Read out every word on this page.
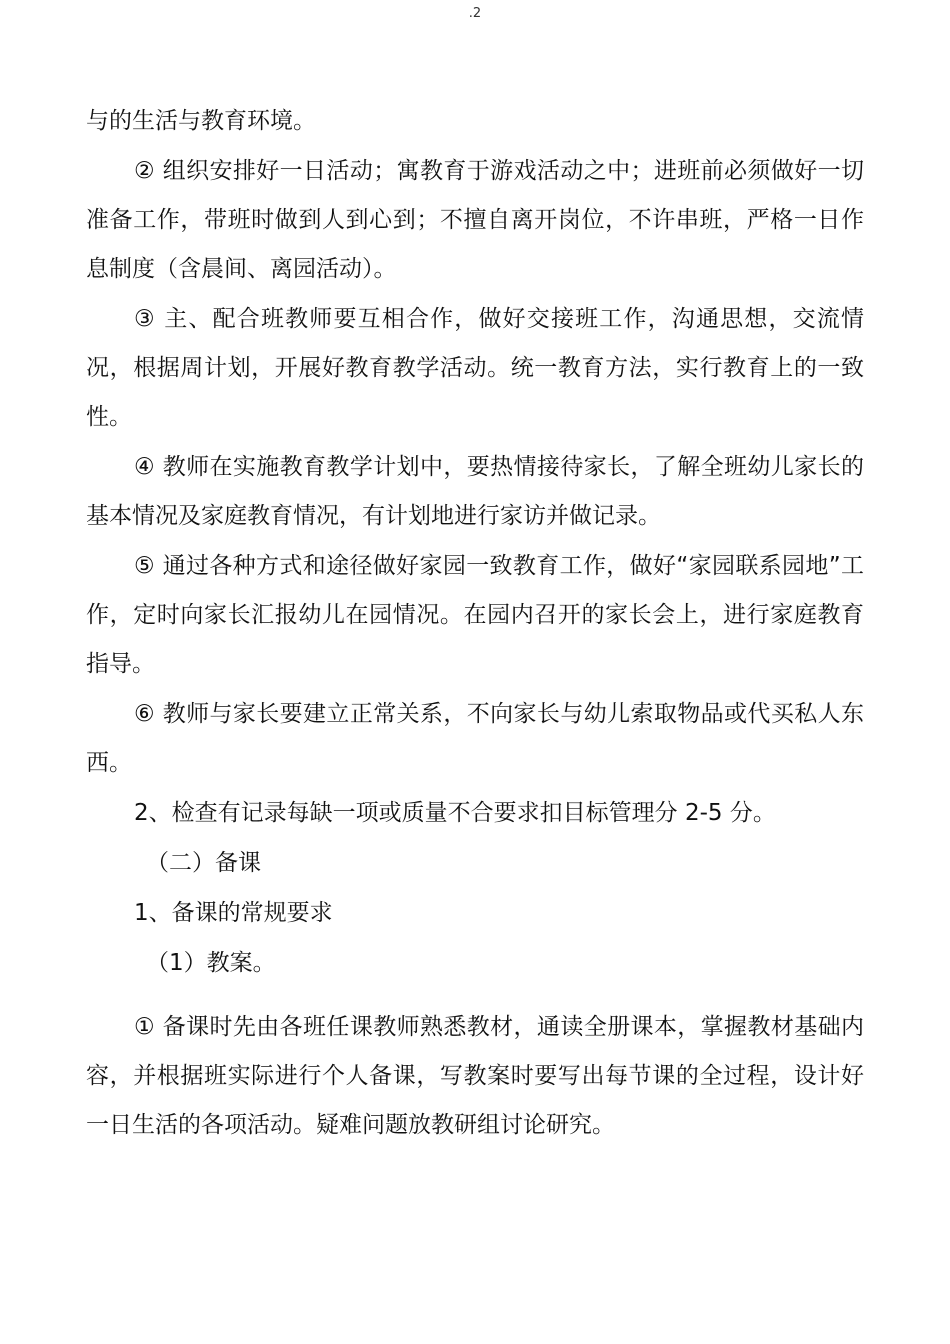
.2

与的生活与教育环境。

② 组织安排好一日活动；寓教育于游戏活动之中；进班前必须做好一切准备工作，带班时做到人到心到；不擅自离开岗位，不许串班，严格一日作息制度（含晨间、离园活动）。

③ 主、配合班教师要互相合作，做好交接班工作，沟通思想，交流情况，根据周计划，开展好教育教学活动。统一教育方法，实行教育上的一致性。

④ 教师在实施教育教学计划中，要热情接待家长，了解全班幼儿家长的基本情况及家庭教育情况，有计划地进行家访并做记录。

⑤ 通过各种方式和途径做好家园一致教育工作，做好“家园联系园地”工作，定时向家长汇报幼儿在园情况。在园内召开的家长会上，进行家庭教育指导。

⑥ 教师与家长要建立正常关系，不向家长与幼儿索取物品或代买私人东西。

2、检查有记录每缺一项或质量不合要求扣目标管理分 2-5 分。

（二）备课

1、备课的常规要求

（1）教案。

① 备课时先由各班任课教师熟悉教材，通读全册课本，掌握教材基础内容，并根据班实际进行个人备课，写教案时要写出每节课的全过程，设计好一日生活的各项活动。疑难问题放教研组讨论研究。
